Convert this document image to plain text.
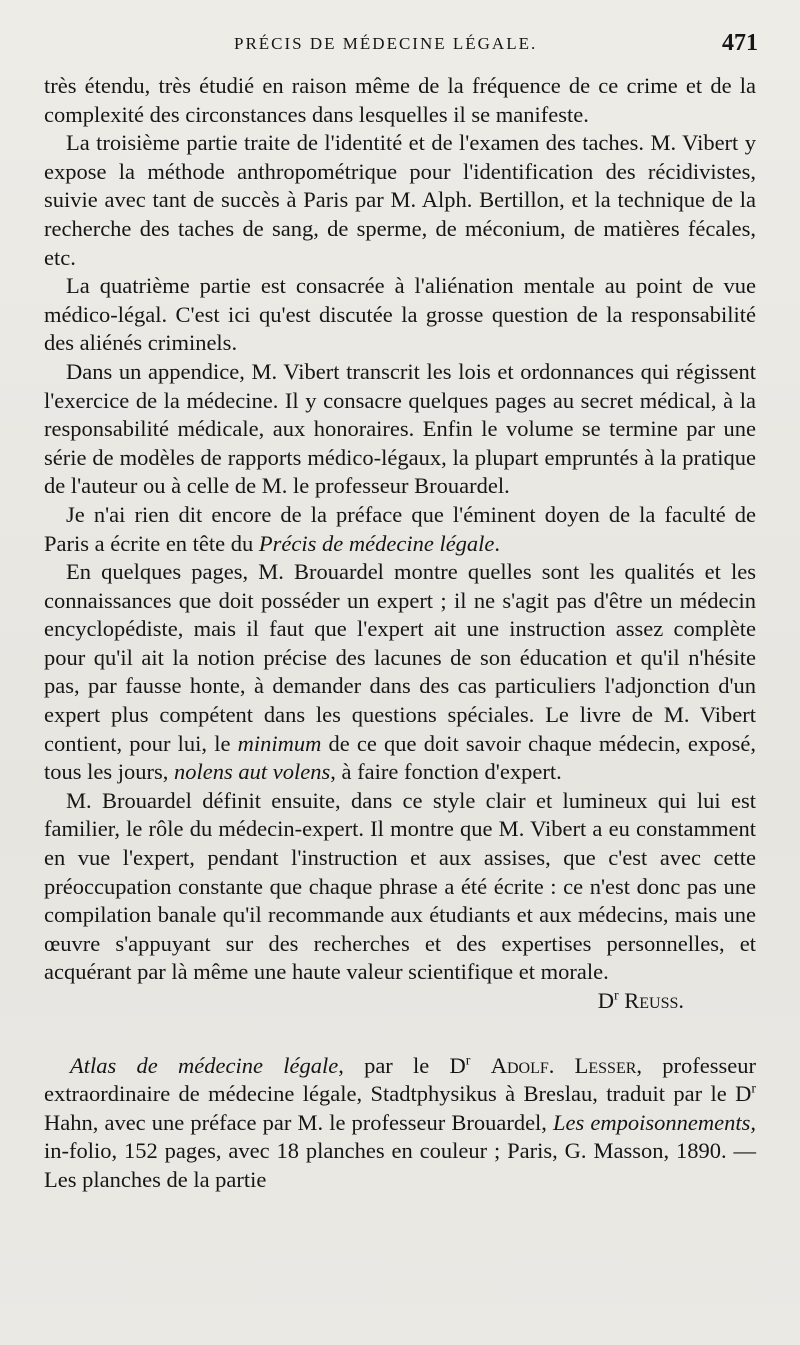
PRÉCIS DE MÉDECINE LÉGALE.	471

très étendu, très étudié en raison même de la fréquence de ce crime et de la complexité des circonstances dans lesquelles il se manifeste.

La troisième partie traite de l'identité et de l'examen des taches. M. Vibert y expose la méthode anthropométrique pour l'identification des récidivistes, suivie avec tant de succès à Paris par M. Alph. Bertillon, et la technique de la recherche des taches de sang, de sperme, de méconium, de matières fécales, etc.

La quatrième partie est consacrée à l'aliénation mentale au point de vue médico-légal. C'est ici qu'est discutée la grosse question de la responsabilité des aliénés criminels.

Dans un appendice, M. Vibert transcrit les lois et ordonnances qui régissent l'exercice de la médecine. Il y consacre quelques pages au secret médical, à la responsabilité médicale, aux honoraires. Enfin le volume se termine par une série de modèles de rapports médico-légaux, la plupart empruntés à la pratique de l'auteur ou à celle de M. le professeur Brouardel.

Je n'ai rien dit encore de la préface que l'éminent doyen de la faculté de Paris a écrite en tête du Précis de médecine légale.

En quelques pages, M. Brouardel montre quelles sont les qualités et les connaissances que doit posséder un expert ; il ne s'agit pas d'être un médecin encyclopédiste, mais il faut que l'expert ait une instruction assez complète pour qu'il ait la notion précise des lacunes de son éducation et qu'il n'hésite pas, par fausse honte, à demander dans des cas particuliers l'adjonction d'un expert plus compétent dans les questions spéciales. Le livre de M. Vibert contient, pour lui, le minimum de ce que doit savoir chaque médecin, exposé, tous les jours, nolens aut volens, à faire fonction d'expert.

M. Brouardel définit ensuite, dans ce style clair et lumineux qui lui est familier, le rôle du médecin-expert. Il montre que M. Vibert a eu constamment en vue l'expert, pendant l'instruction et aux assises, que c'est avec cette préoccupation constante que chaque phrase a été écrite : ce n'est donc pas une compilation banale qu'il recommande aux étudiants et aux médecins, mais une œuvre s'appuyant sur des recherches et des expertises personnelles, et acquérant par là même une haute valeur scientifique et morale.

$D^r$ Reuss.

Atlas de médecine légale, par le $D^r$ Adolf. Lesser, professeur extraordinaire de médecine légale, Stadtphysikus à Breslau, traduit par le $D^r$ Hahn, avec une préface par M. le professeur Brouardel, Les empoisonnements, in-folio, 152 pages, avec 18 planches en couleur ; Paris, G. Masson, 1890. — Les planches de la partie
